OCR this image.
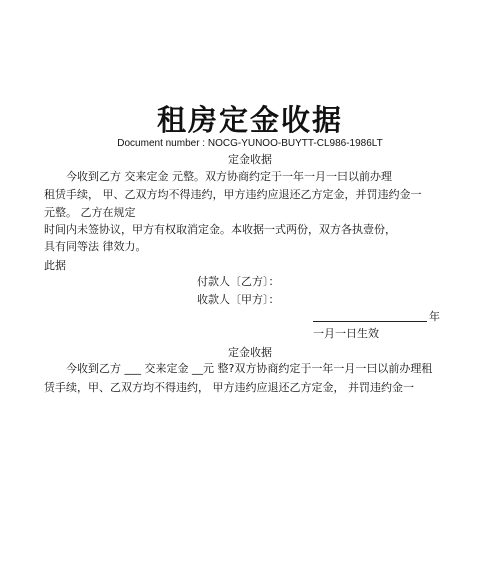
租房定金收据
Document number : NOCG-YUNOO-BUYTT-CL986-1986LT
定金收据
今收到乙方 交来定金 元整。双方协商约定于一年一月一曰以前办理
租赁手续， 甲、乙双方均不得违约，甲方违约应退还乙方定金，并罚违约金一
元整。 乙方在规定
时间内未签协议，甲方有权取消定金。本收据一式两份，双方各执壹份，
具有同等法 律效力。
此据
付款人〔乙方〕：
收款人〔甲方〕：
年
一月一日生效
定金收据
今收到乙方 ___ 交来定金 __元 整?双方协商约定于一年一月一曰以前办理租
赁手续，甲、乙双方均不得违约， 甲方违约应退还乙方定金， 并罚违约金一
